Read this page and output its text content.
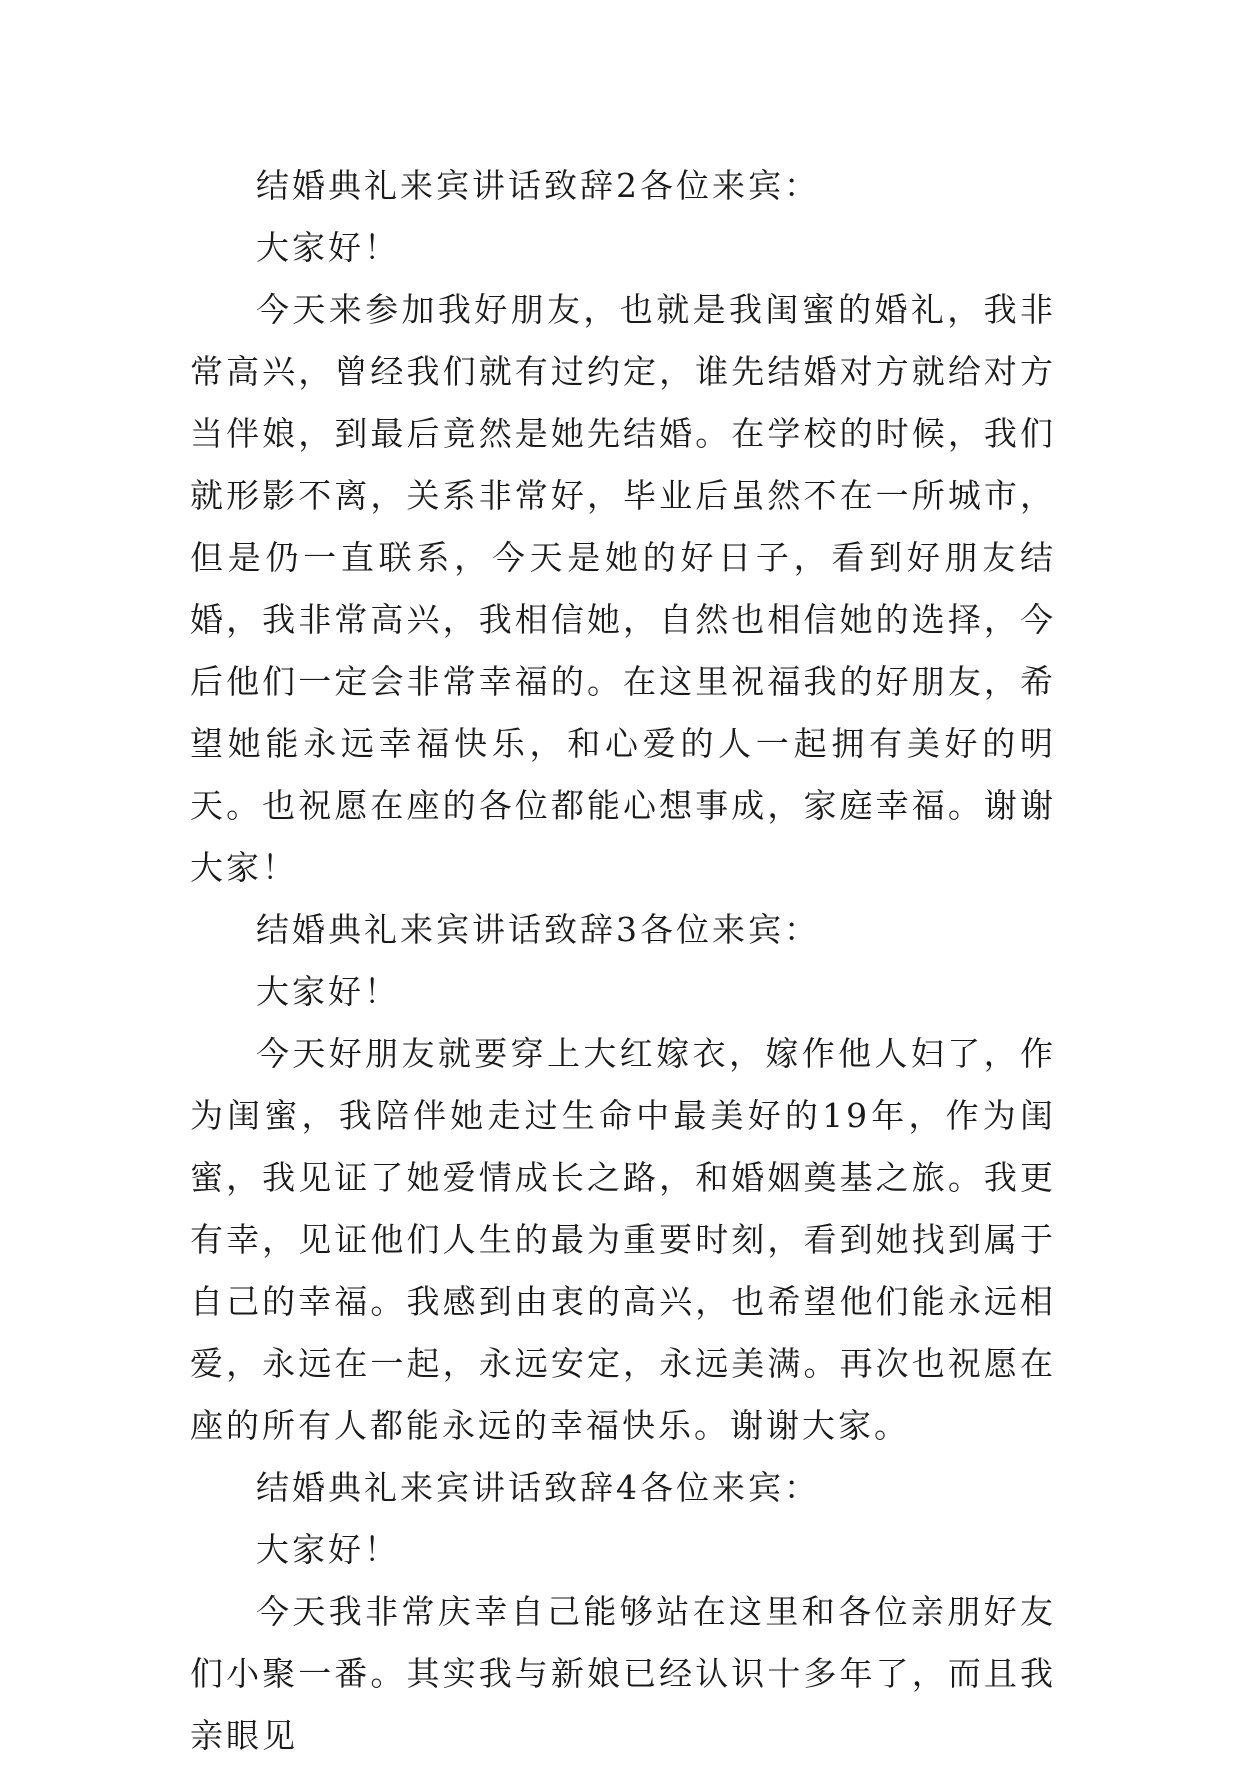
结婚典礼来宾讲话致辞2各位来宾：

大家好！

今天来参加我好朋友，也就是我闺蜜的婚礼，我非常高兴，曾经我们就有过约定，谁先结婚对方就给对方当伴娘，到最后竟然是她先结婚。在学校的时候，我们就形影不离，关系非常好，毕业后虽然不在一所城市，但是仍一直联系，今天是她的好日子，看到好朋友结婚，我非常高兴，我相信她，自然也相信她的选择，今后他们一定会非常幸福的。在这里祝福我的好朋友，希望她能永远幸福快乐，和心爱的人一起拥有美好的明天。也祝愿在座的各位都能心想事成，家庭幸福。谢谢大家！

结婚典礼来宾讲话致辞3各位来宾：

大家好！

今天好朋友就要穿上大红嫁衣，嫁作他人妇了，作为闺蜜，我陪伴她走过生命中最美好的19年，作为闺蜜，我见证了她爱情成长之路，和婚姻奠基之旅。我更有幸，见证他们人生的最为重要时刻，看到她找到属于自己的幸福。我感到由衷的高兴，也希望他们能永远相爱，永远在一起，永远安定，永远美满。再次也祝愿在座的所有人都能永远的幸福快乐。谢谢大家。

结婚典礼来宾讲话致辞4各位来宾：

大家好！

今天我非常庆幸自己能够站在这里和各位亲朋好友们小聚一番。其实我与新娘已经认识十多年了，而且我亲眼见
